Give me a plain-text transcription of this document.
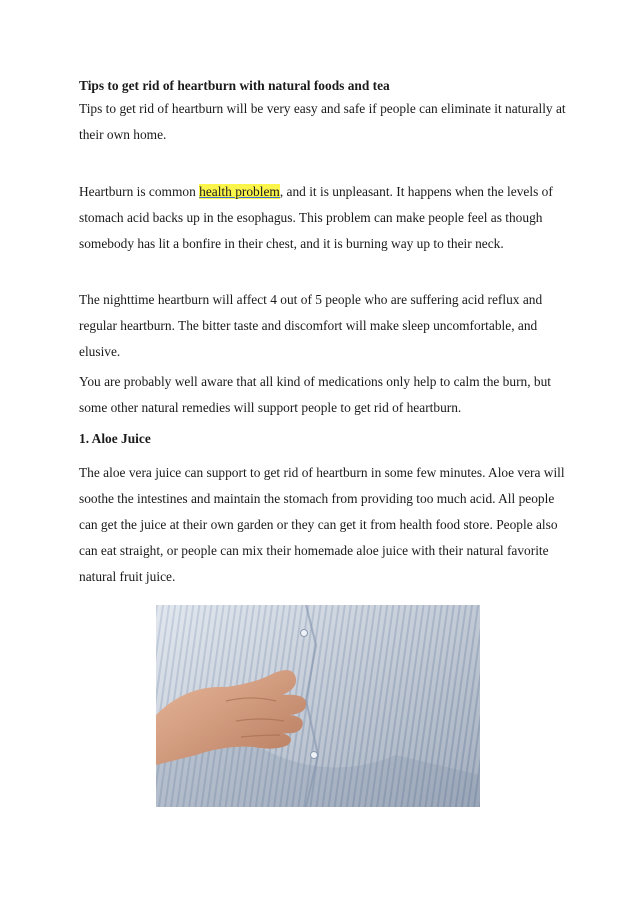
Tips to get rid of heartburn with natural foods and tea

Tips to get rid of heartburn will be very easy and safe if people can eliminate it naturally at their own home.

Heartburn is common health problem, and it is unpleasant. It happens when the levels of stomach acid backs up in the esophagus. This problem can make people feel as though somebody has lit a bonfire in their chest, and it is burning way up to their neck.

The nighttime heartburn will affect 4 out of 5 people who are suffering acid reflux and regular heartburn. The bitter taste and discomfort will make sleep uncomfortable, and elusive.

You are probably well aware that all kind of medications only help to calm the burn, but some other natural remedies will support people to get rid of heartburn.

1. Aloe Juice

The aloe vera juice can support to get rid of heartburn in some few minutes. Aloe vera will soothe the intestines and maintain the stomach from providing too much acid. All people can get the juice at their own garden or they can get it from health food store. People also can eat straight, or people can mix their homemade aloe juice with their natural favorite natural fruit juice.
